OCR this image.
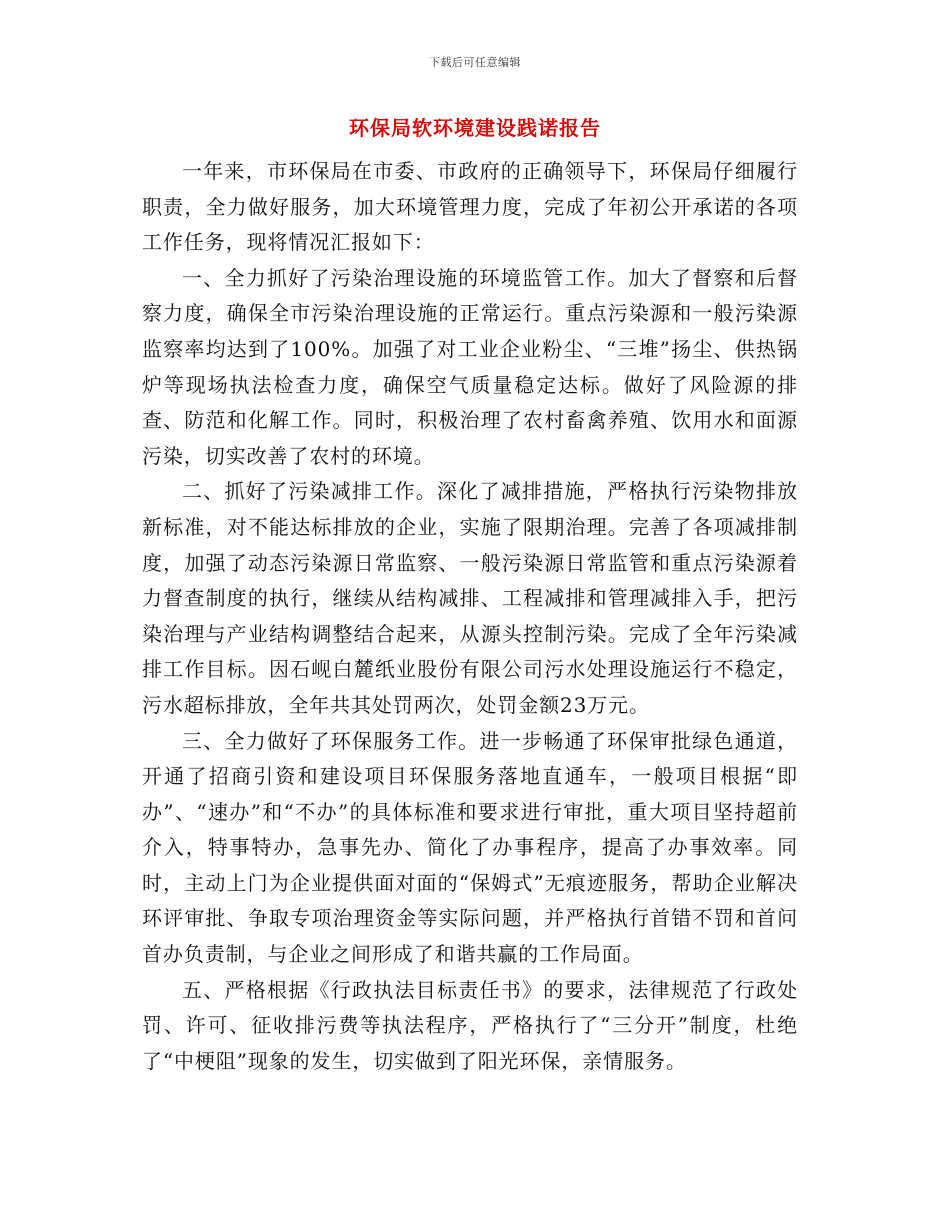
下载后可任意编辑
环保局软环境建设践诺报告

一年来，市环保局在市委、市政府的正确领导下，环保局仔细履行职责，全力做好服务，加大环境管理力度，完成了年初公开承诺的各项工作任务，现将情况汇报如下：

一、全力抓好了污染治理设施的环境监管工作。加大了督察和后督察力度，确保全市污染治理设施的正常运行。重点污染源和一般污染源监察率均达到了100%。加强了对工业企业粉尘、“三堆”扬尘、供热锅炉等现场执法检查力度，确保空气质量稳定达标。做好了风险源的排查、防范和化解工作。同时，积极治理了农村畜禽养殖、饮用水和面源污染，切实改善了农村的环境。

二、抓好了污染减排工作。深化了减排措施，严格执行污染物排放新标准，对不能达标排放的企业，实施了限期治理。完善了各项减排制度，加强了动态污染源日常监察、一般污染源日常监管和重点污染源着力督查制度的执行，继续从结构减排、工程减排和管理减排入手，把污染治理与产业结构调整结合起来，从源头控制污染。完成了全年污染减排工作目标。因石岘白麓纸业股份有限公司污水处理设施运行不稳定，污水超标排放，全年共其处罚两次，处罚金额23万元。

三、全力做好了环保服务工作。进一步畅通了环保审批绿色通道，开通了招商引资和建设项目环保服务落地直通车，一般项目根据“即办”、“速办”和“不办”的具体标准和要求进行审批，重大项目坚持超前介入，特事特办，急事先办、简化了办事程序，提高了办事效率。同时，主动上门为企业提供面对面的“保姆式”无痕迹服务，帮助企业解决环评审批、争取专项治理资金等实际问题，并严格执行首错不罚和首问首办负责制，与企业之间形成了和谐共赢的工作局面。

五、严格根据《行政执法目标责任书》的要求，法律规范了行政处罚、许可、征收排污费等执法程序，严格执行了“三分开”制度，杜绝了“中梗阻”现象的发生，切实做到了阳光环保，亲情服务。
